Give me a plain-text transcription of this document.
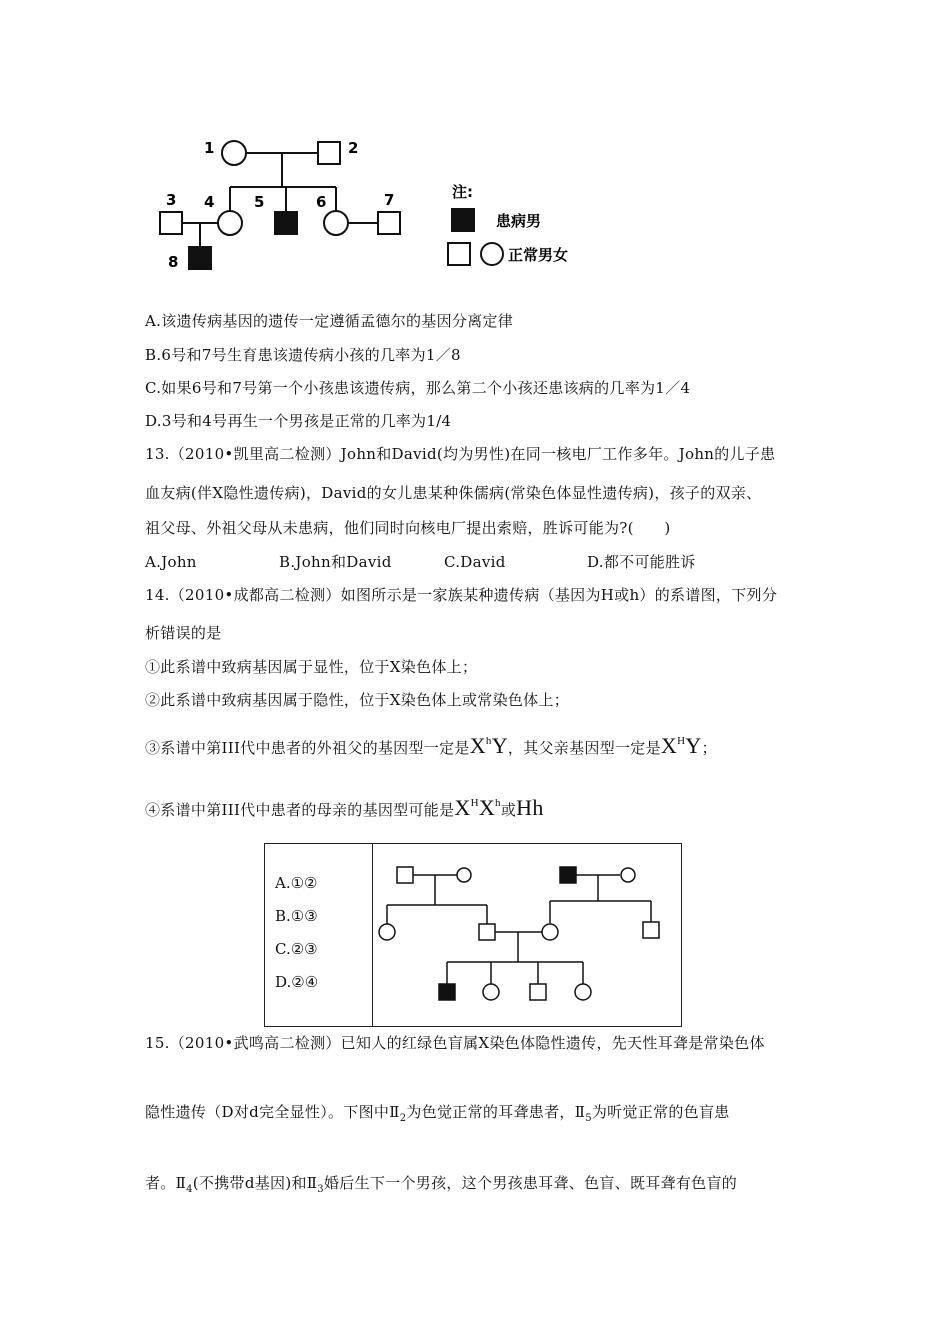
1	2
3 4	5	6	7
8
注:
患病男
正常男女
A.该遗传病基因的遗传一定遵循孟德尔的基因分离定律
B.6号和7号生育患该遗传病小孩的几率为1／8
C.如果6号和7号第一个小孩患该遗传病，那么第二个小孩还患该病的几率为1／4
D.3号和4号再生一个男孩是正常的几率为1/4
13.（2010•凯里高二检测）John和David(均为男性)在同一核电厂工作多年。John的儿子患
血友病(伴X隐性遗传病)，David的女儿患某种侏儒病(常染色体显性遗传病)，孩子的双亲、
祖父母、外祖父母从未患病，他们同时向核电厂提出索赔，胜诉可能为?(　　)
A.John	B.John和David	C.David	D.都不可能胜诉
14.（2010•成都高二检测）如图所示是一家族某种遗传病（基因为H或h）的系谱图，下列分
析错误的是
①此系谱中致病基因属于显性，位于X染色体上；
②此系谱中致病基因属于隐性，位于X染色体上或常染色体上；
③系谱中第III代中患者的外祖父的基因型一定是$X^hY$，其父亲基因型一定是$X^HY$；
④系谱中第III代中患者的母亲的基因型可能是$X^HX^h$或Hh
A.①②
B.①③
C.②③
D.②④
15.（2010•武鸣高二检测）已知人的红绿色盲属X染色体隐性遗传，先天性耳聋是常染色体
隐性遗传（D对d完全显性）。下图中$Ⅱ_2$为色觉正常的耳聋患者，$Ⅱ_5$为听觉正常的色盲患
者。$Ⅱ_4$(不携带d基因)和$Ⅱ_3$婚后生下一个男孩，这个男孩患耳聋、色盲、既耳聋有色盲的
